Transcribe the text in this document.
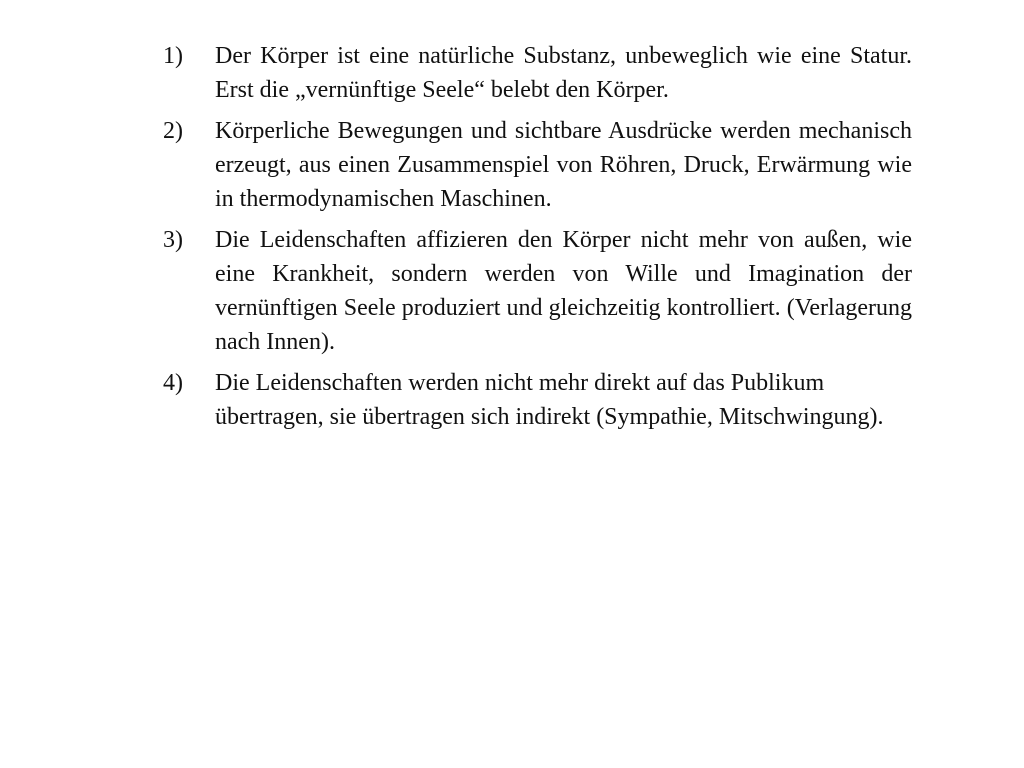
1)	Der Körper ist eine natürliche Substanz, unbeweglich wie eine Statur. Erst die „vernünftige Seele“ belebt den Körper.
2)	Körperliche Bewegungen und sichtbare Ausdrücke werden mechanisch erzeugt, aus einen Zusammenspiel von Röhren, Druck, Erwärmung wie in thermodynamischen Maschinen.
3)	Die Leidenschaften affizieren den Körper nicht mehr von außen, wie eine Krankheit, sondern werden von Wille und Imagination der vernünftigen Seele produziert und gleichzeitig kontrolliert. (Verlagerung nach Innen).
4)	Die Leidenschaften werden nicht mehr direkt auf das Publikum übertragen, sie übertragen sich indirekt (Sympathie, Mitschwingung).
